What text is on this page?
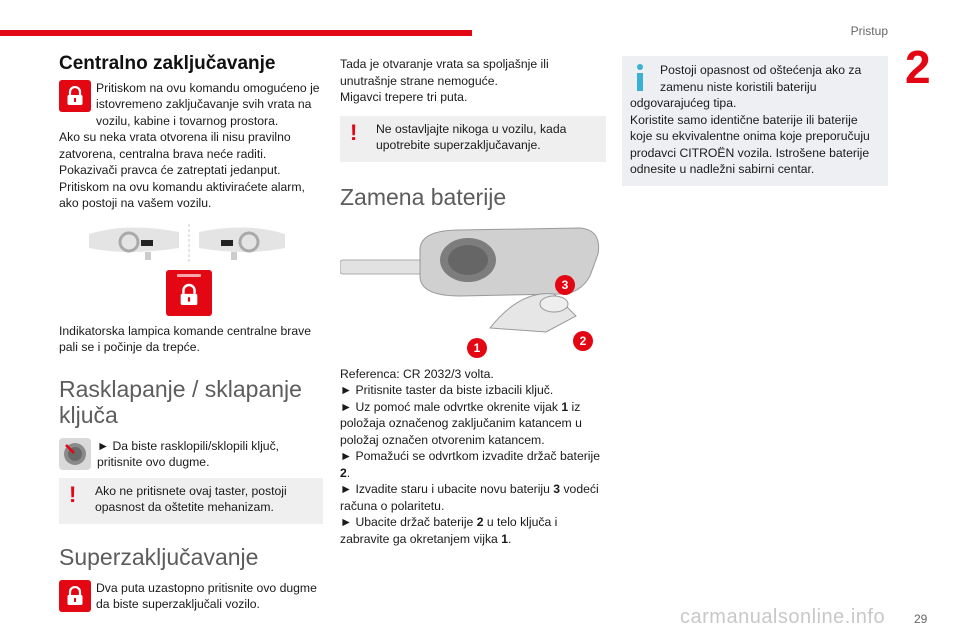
Pristup
2
Centralno zaključavanje

Pritiskom na ovu komandu omogućeno je istovremeno zaključavanje svih vrata na vozilu, kabine i tovarnog prostora.

Ako su neka vrata otvorena ili nisu pravilno zatvorena, centralna brava neće raditi.
Pokazivači pravca će zatreptati jedanput.
Pritiskom na ovu komandu aktiviraćete alarm, ako postoji na vašem vozilu.

Indikatorska lampica komande centralne brave pali se i počinje da trepće.

Rasklapanje / sklapanje ključa

► Da biste rasklopili/sklopili ključ, pritisnite ovo dugme.

! Ako ne pritisnete ovaj taster, postoji opasnost da oštetite mehanizam.

Superzaključavanje

Dva puta uzastopno pritisnite ovo dugme da biste superzaključali vozilo.

Tada je otvaranje vrata sa spoljašnje ili unutrašnje strane nemoguće.
Migavci trepere tri puta.

! Ne ostavljajte nikoga u vozilu, kada upotrebite superzaključavanje.

Zamena baterije
1	2
3

Referenca: CR 2032/3 volta.

► Pritisnite taster da biste izbacili ključ.

► Uz pomoć male odvrtke okrenite vijak 1 iz položaja označenog zaključanim katancem u položaj označen otvorenim katancem.

► Pomažući se odvrtkom izvadite držač baterije 2.

► Izvadite staru i ubacite novu bateriju 3 vodeći računa o polaritetu.

► Ubacite držač baterije 2 u telo ključa i zabravite ga okretanjem vijka 1.

Postoji opasnost od oštećenja ako za zamenu niste koristili bateriju odgovarajućeg tipa.
Koristite samo identične baterije ili baterije koje su ekvivalentne onima koje preporučuju prodavci CITROËN vozila. Istrošene baterije odnesite u nadležni sabirni centar.

carmanualsonline.info 29
